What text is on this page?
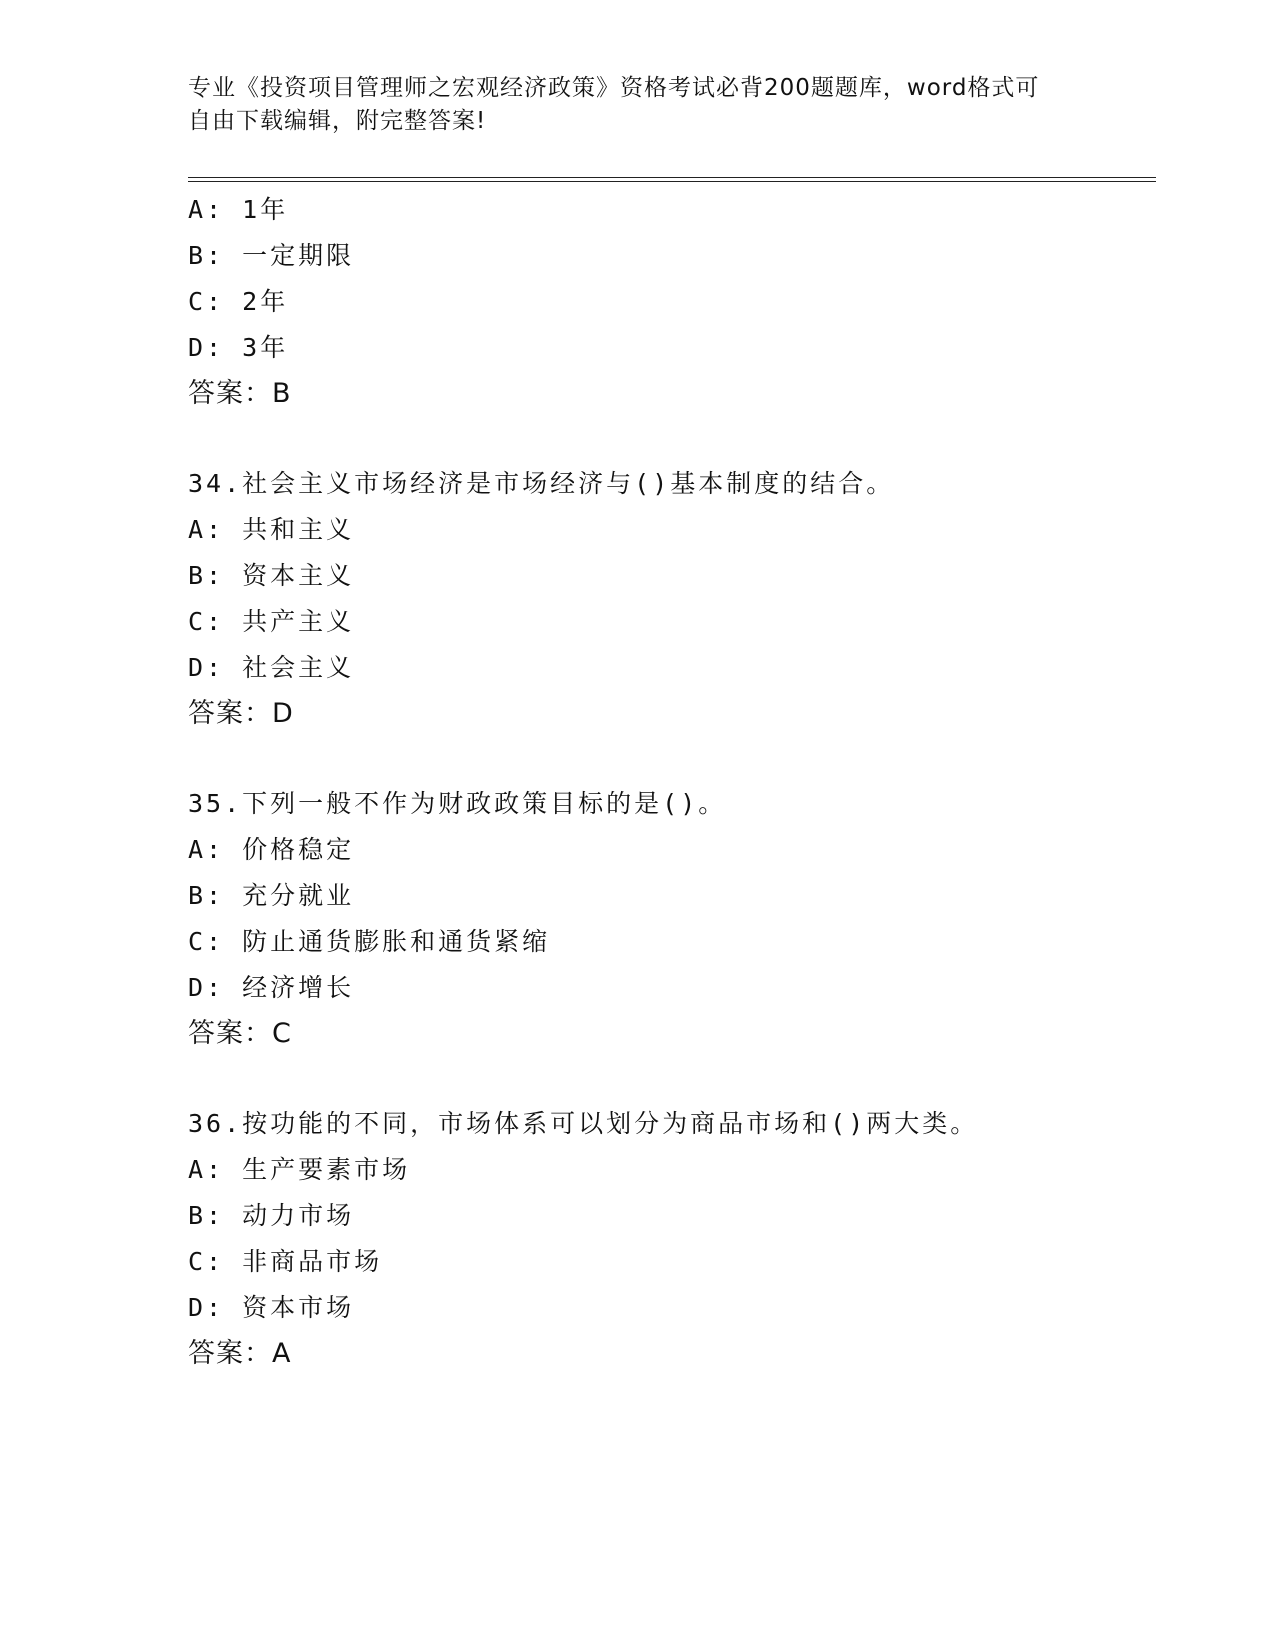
专业《投资项目管理师之宏观经济政策》资格考试必背200题题库，word格式可
自由下载编辑，附完整答案!
A: 1年
B: 一定期限
C: 2年
D: 3年
答案：B
34.社会主义市场经济是市场经济与()基本制度的结合。
A: 共和主义
B: 资本主义
C: 共产主义
D: 社会主义
答案：D
35.下列一般不作为财政政策目标的是()。
A: 价格稳定
B: 充分就业
C: 防止通货膨胀和通货紧缩
D: 经济增长
答案：C
36.按功能的不同，市场体系可以划分为商品市场和()两大类。
A: 生产要素市场
B: 动力市场
C: 非商品市场
D: 资本市场
答案：A
